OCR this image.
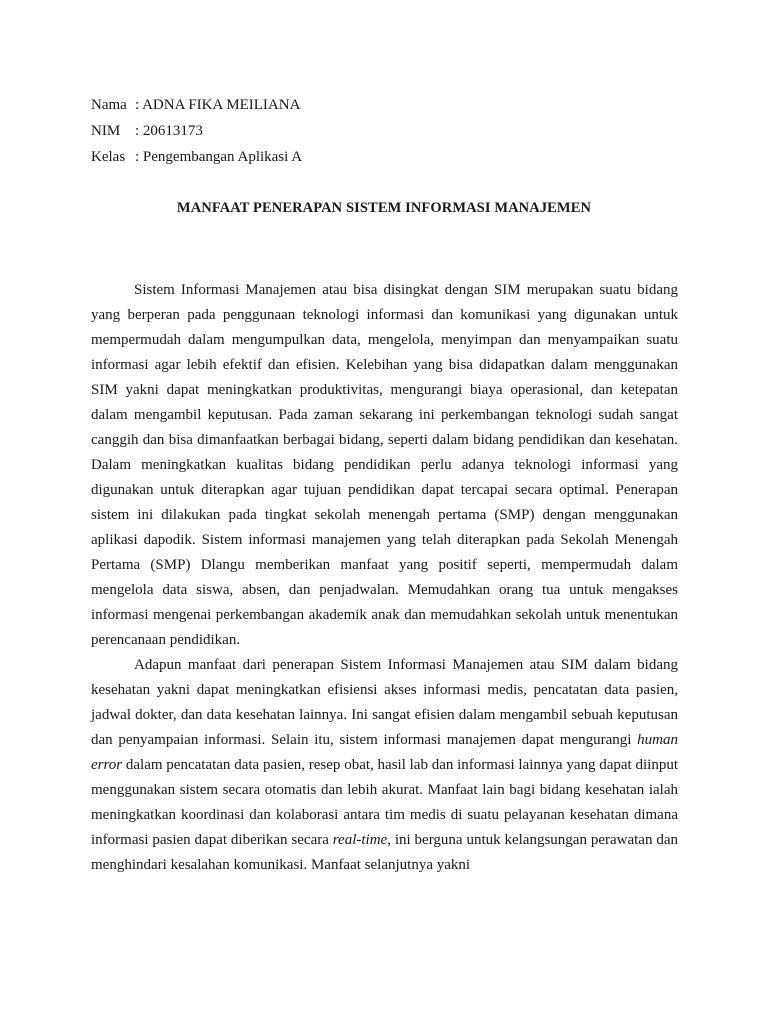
Nama : ADNA FIKA MEILIANA
NIM : 20613173
Kelas : Pengembangan Aplikasi A
MANFAAT PENERAPAN SISTEM INFORMASI MANAJEMEN

Sistem Informasi Manajemen atau bisa disingkat dengan SIM merupakan suatu bidang yang berperan pada penggunaan teknologi informasi dan komunikasi yang digunakan untuk mempermudah dalam mengumpulkan data, mengelola, menyimpan dan menyampaikan suatu informasi agar lebih efektif dan efisien. Kelebihan yang bisa didapatkan dalam menggunakan SIM yakni dapat meningkatkan produktivitas, mengurangi biaya operasional, dan ketepatan dalam mengambil keputusan. Pada zaman sekarang ini perkembangan teknologi sudah sangat canggih dan bisa dimanfaatkan berbagai bidang, seperti dalam bidang pendidikan dan kesehatan. Dalam meningkatkan kualitas bidang pendidikan perlu adanya teknologi informasi yang digunakan untuk diterapkan agar tujuan pendidikan dapat tercapai secara optimal. Penerapan sistem ini dilakukan pada tingkat sekolah menengah pertama (SMP) dengan menggunakan aplikasi dapodik. Sistem informasi manajemen yang telah diterapkan pada Sekolah Menengah Pertama (SMP) Dlangu memberikan manfaat yang positif seperti, mempermudah dalam mengelola data siswa, absen, dan penjadwalan. Memudahkan orang tua untuk mengakses informasi mengenai perkembangan akademik anak dan memudahkan sekolah untuk menentukan perencanaan pendidikan.

Adapun manfaat dari penerapan Sistem Informasi Manajemen atau SIM dalam bidang kesehatan yakni dapat meningkatkan efisiensi akses informasi medis, pencatatan data pasien, jadwal dokter, dan data kesehatan lainnya. Ini sangat efisien dalam mengambil sebuah keputusan dan penyampaian informasi. Selain itu, sistem informasi manajemen dapat mengurangi human error dalam pencatatan data pasien, resep obat, hasil lab dan informasi lainnya yang dapat diinput menggunakan sistem secara otomatis dan lebih akurat. Manfaat lain bagi bidang kesehatan ialah meningkatkan koordinasi dan kolaborasi antara tim medis di suatu pelayanan kesehatan dimana informasi pasien dapat diberikan secara real-time, ini berguna untuk kelangsungan perawatan dan menghindari kesalahan komunikasi. Manfaat selanjutnya yakni
